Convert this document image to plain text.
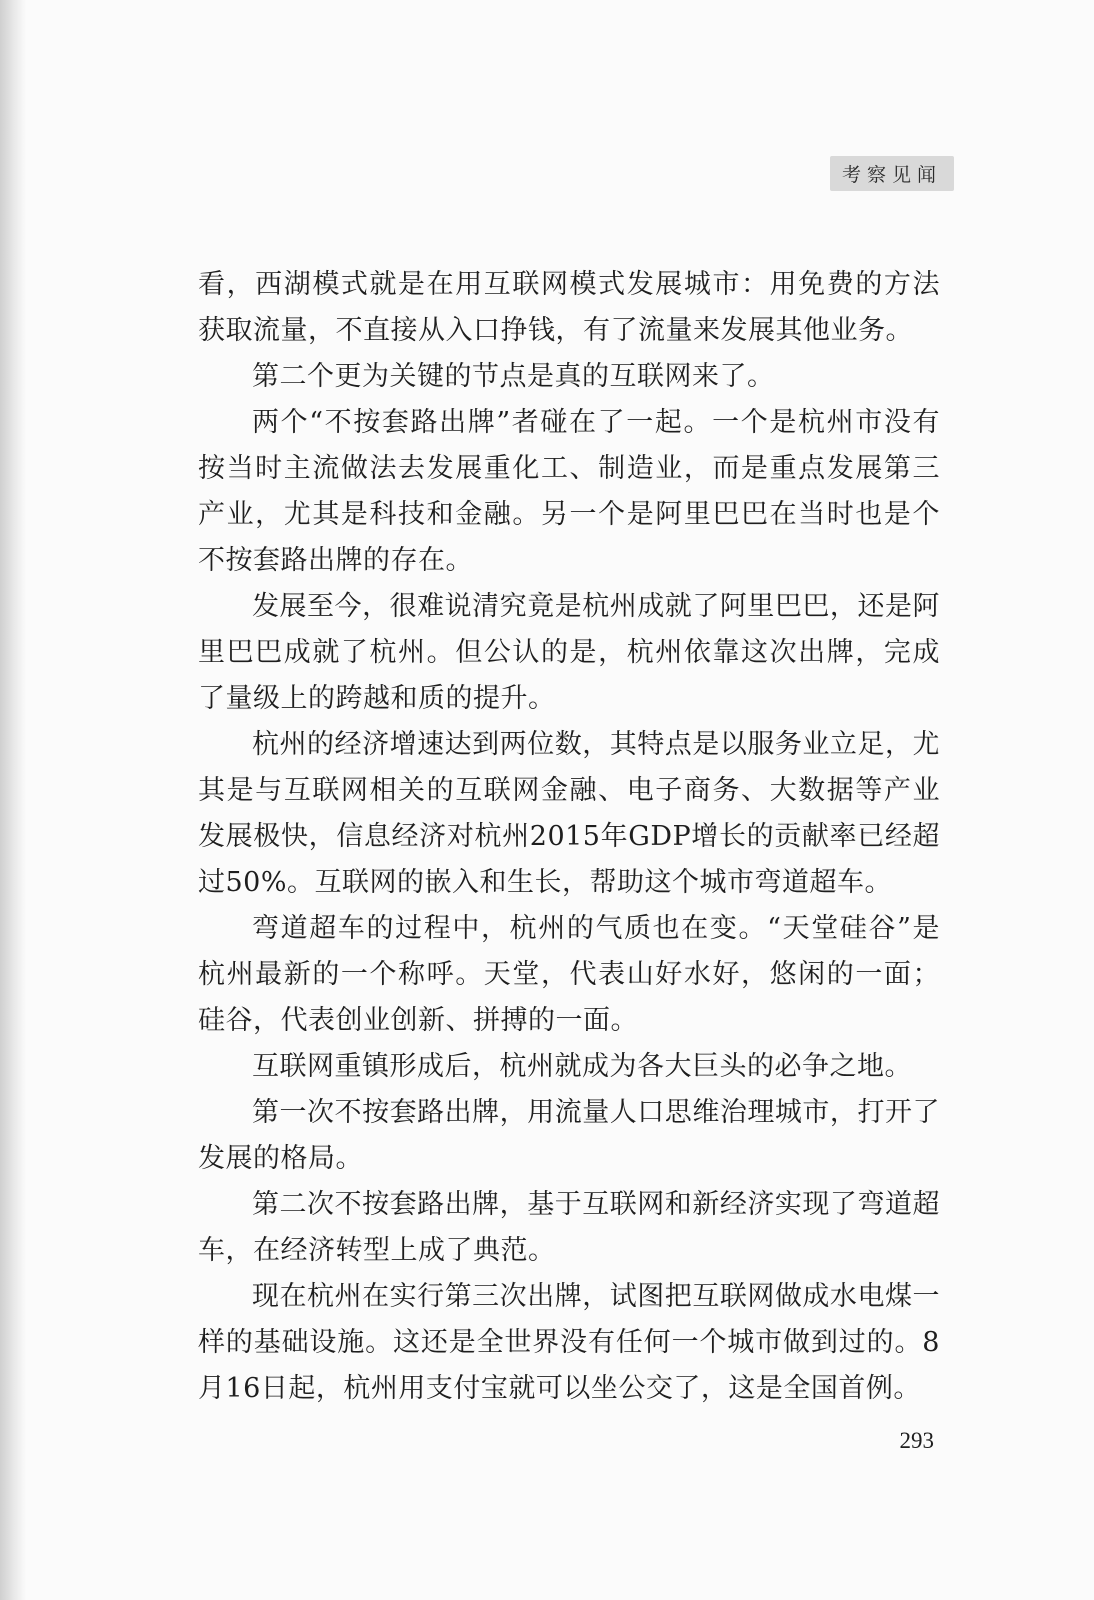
考察见闻

看，西湖模式就是在用互联网模式发展城市：用免费的方法获取流量，不直接从入口挣钱，有了流量来发展其他业务。

第二个更为关键的节点是真的互联网来了。

两个“不按套路出牌”者碰在了一起。一个是杭州市没有按当时主流做法去发展重化工、制造业，而是重点发展第三产业，尤其是科技和金融。另一个是阿里巴巴在当时也是个不按套路出牌的存在。

发展至今，很难说清究竟是杭州成就了阿里巴巴，还是阿里巴巴成就了杭州。但公认的是，杭州依靠这次出牌，完成了量级上的跨越和质的提升。

杭州的经济增速达到两位数，其特点是以服务业立足，尤其是与互联网相关的互联网金融、电子商务、大数据等产业发展极快，信息经济对杭州2015年GDP增长的贡献率已经超过50%。互联网的嵌入和生长，帮助这个城市弯道超车。

弯道超车的过程中，杭州的气质也在变。“天堂硅谷”是杭州最新的一个称呼。天堂，代表山好水好，悠闲的一面；硅谷，代表创业创新、拼搏的一面。

互联网重镇形成后，杭州就成为各大巨头的必争之地。

第一次不按套路出牌，用流量人口思维治理城市，打开了发展的格局。

第二次不按套路出牌，基于互联网和新经济实现了弯道超车，在经济转型上成了典范。

现在杭州在实行第三次出牌，试图把互联网做成水电煤一样的基础设施。这还是全世界没有任何一个城市做到过的。8月16日起，杭州用支付宝就可以坐公交了，这是全国首例。

293
